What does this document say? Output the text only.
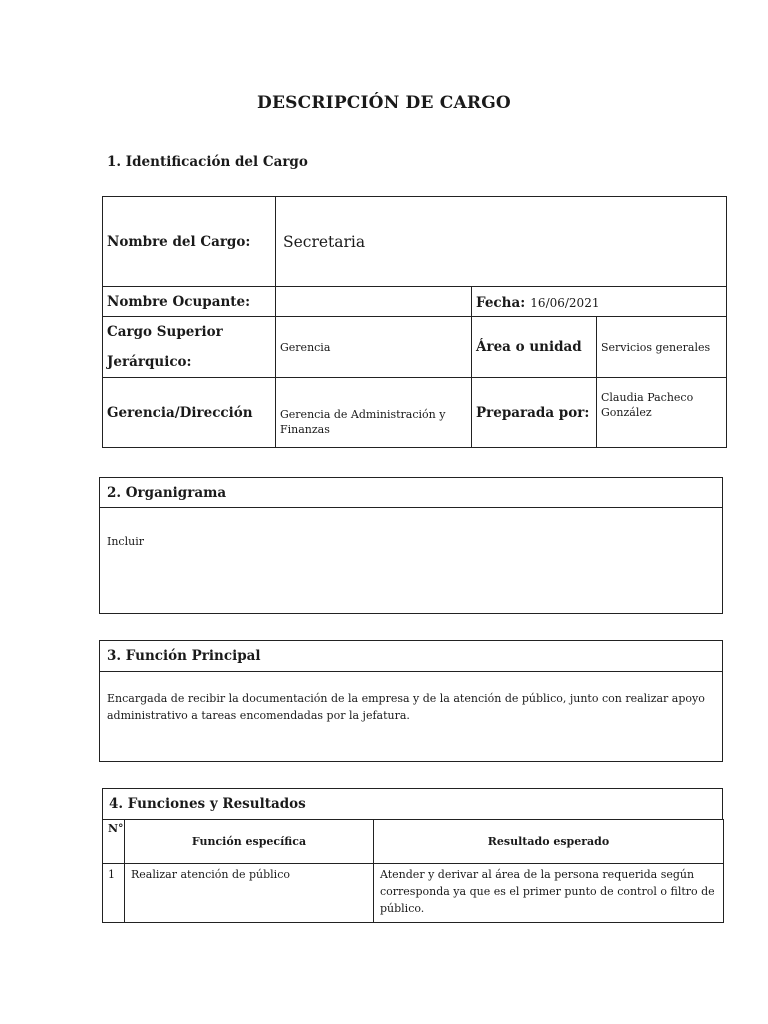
DESCRIPCIÓN DE CARGO
1. Identificación del Cargo
Nombre del Cargo:	Secretaria		
Nombre Ocupante:		Fecha: 16/06/2021	
Cargo Superior
Jerárquico:	Gerencia	Área o unidad	Servicios generales
Gerencia/Dirección	Gerencia de Administración y Finanzas	Preparada por:	Claudia Pacheco González
2. Organigrama
Incluir
3. Función Principal
Encargada de recibir la documentación de la empresa y de la atención de público, junto con realizar apoyo administrativo a tareas encomendadas por la jefatura.
4. Funciones y Resultados
N°	Función específica	Resultado esperado
1	Realizar atención de público	Atender y derivar al área de la persona requerida según corresponda ya que es el primer punto de control o filtro de público.
